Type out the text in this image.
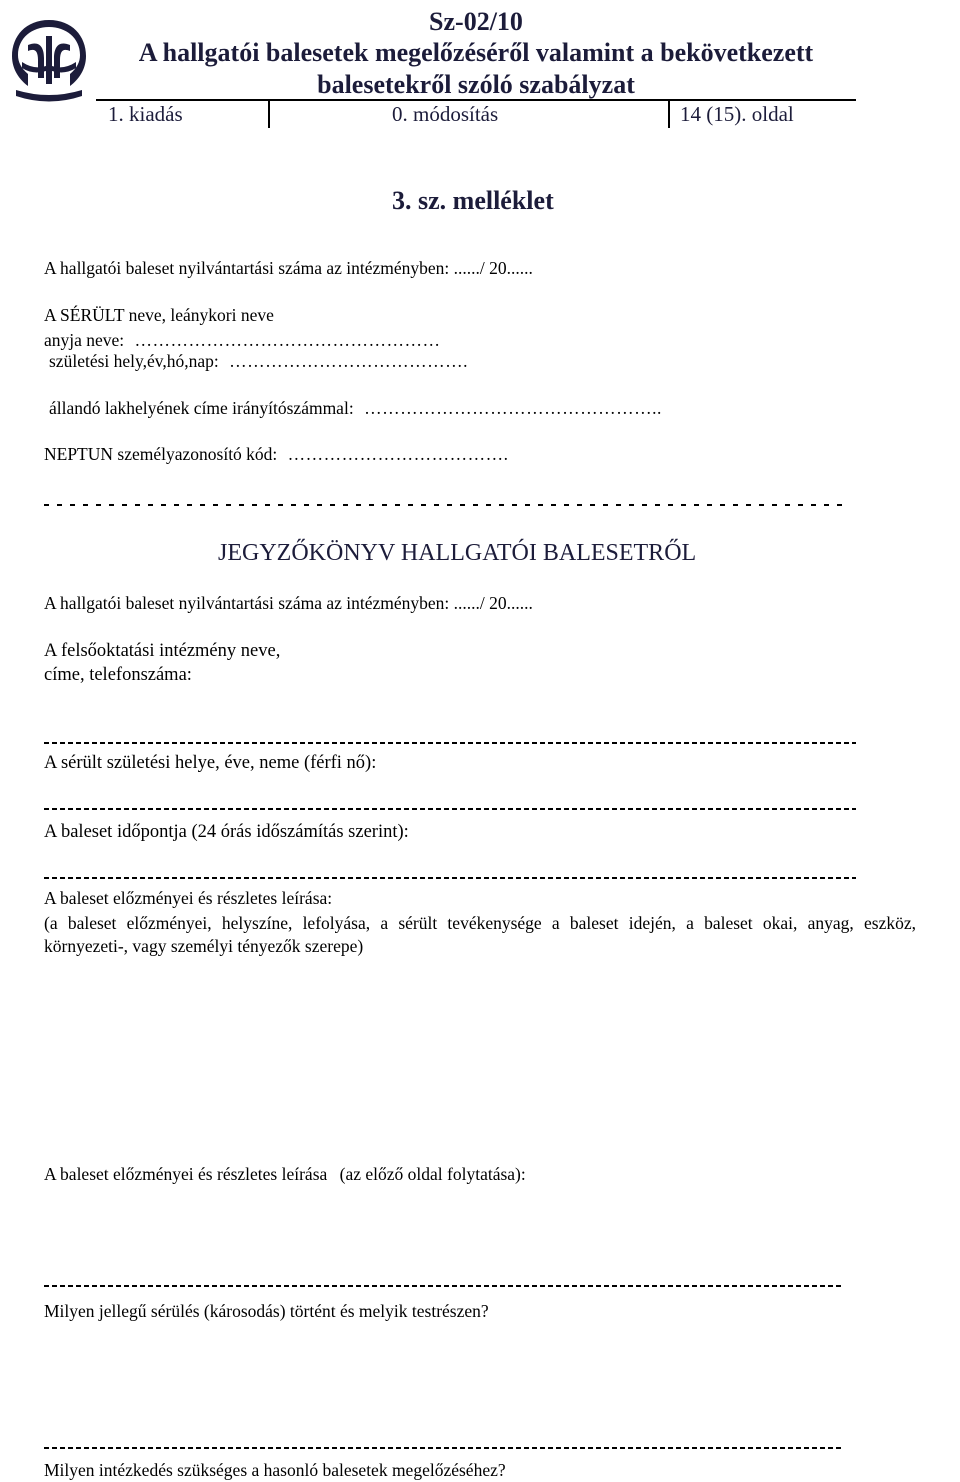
Sz-02/10
A hallgatói balesetek megelőzéséről valamint a bekövetkezett
balesetekről szóló szabályzat
1. kiadás	0. módosítás	14 (15). oldal
3. sz. melléklet
A hallgatói baleset nyilvántartási száma az intézményben: ....../ 20......
A SÉRÜLT neve, leánykori neve
anyja neve: ……………………………………………
születési hely,év,hó,nap: ………………………………….
állandó lakhelyének címe irányítószámmal: …………………………………………..
NEPTUN személyazonosító kód: ……………………………….
JEGYZŐKÖNYV HALLGATÓI BALESETRŐL
A hallgatói baleset nyilvántartási száma az intézményben: ....../ 20......
A felsőoktatási intézmény neve,
címe, telefonszáma:
A sérült születési helye, éve, neme (férfi nő):
A baleset időpontja (24 órás időszámítás szerint):
A baleset előzményei és részletes leírása:
(a baleset előzményei, helyszíne, lefolyása, a sérült tevékenysége a baleset idején, a baleset okai, anyag, eszköz, környezeti-, vagy személyi tényezők szerepe)
A baleset előzményei és részletes leírása (az előző oldal folytatása):
Milyen jellegű sérülés (károsodás) történt és melyik testrészen?
Milyen intézkedés szükséges a hasonló balesetek megelőzéséhez?
